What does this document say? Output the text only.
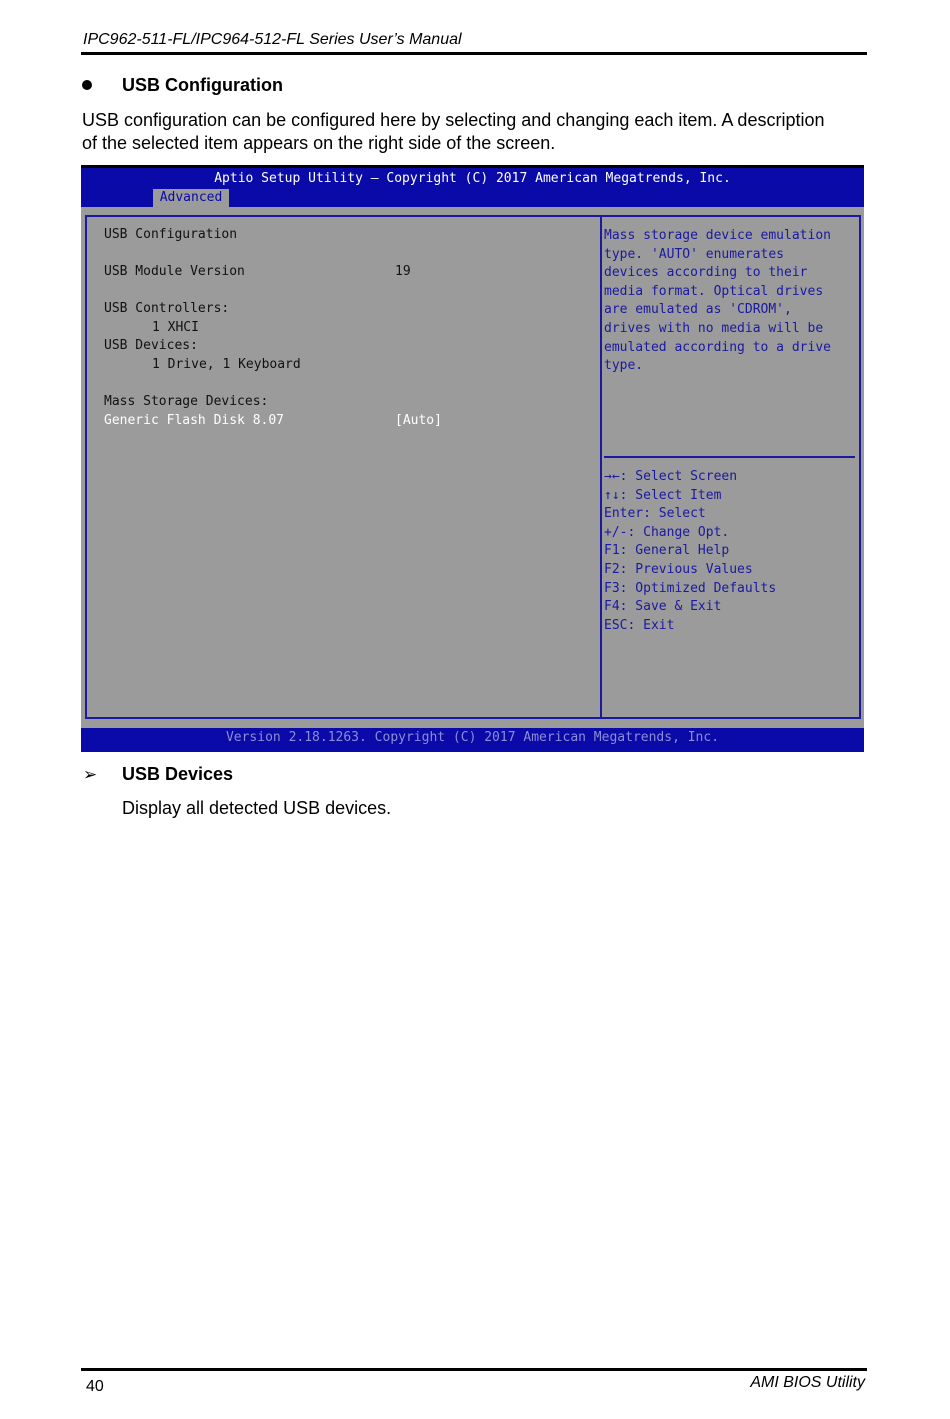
IPC962-511-FL/IPC964-512-FL Series User’s Manual
USB Configuration
USB configuration can be configured here by selecting and changing each item. A description
of the selected item appears on the right side of the screen.
Aptio Setup Utility – Copyright (C) 2017 American Megatrends, Inc.
Advanced
USB Configuration
USB Module Version	19
USB Controllers:
1 XHCI
USB Devices:
1 Drive, 1 Keyboard
Mass Storage Devices:
Generic Flash Disk 8.07	[Auto]
Mass storage device emulation
type. 'AUTO' enumerates
devices according to their
media format. Optical drives
are emulated as 'CDROM',
drives with no media will be
emulated according to a drive
type.
→←: Select Screen
↑↓: Select Item
Enter: Select
+/-: Change Opt.
F1: General Help
F2: Previous Values
F3: Optimized Defaults
F4: Save & Exit
ESC: Exit
Version 2.18.1263. Copyright (C) 2017 American Megatrends, Inc.
➢ USB Devices
Display all detected USB devices.
40	AMI BIOS Utility
